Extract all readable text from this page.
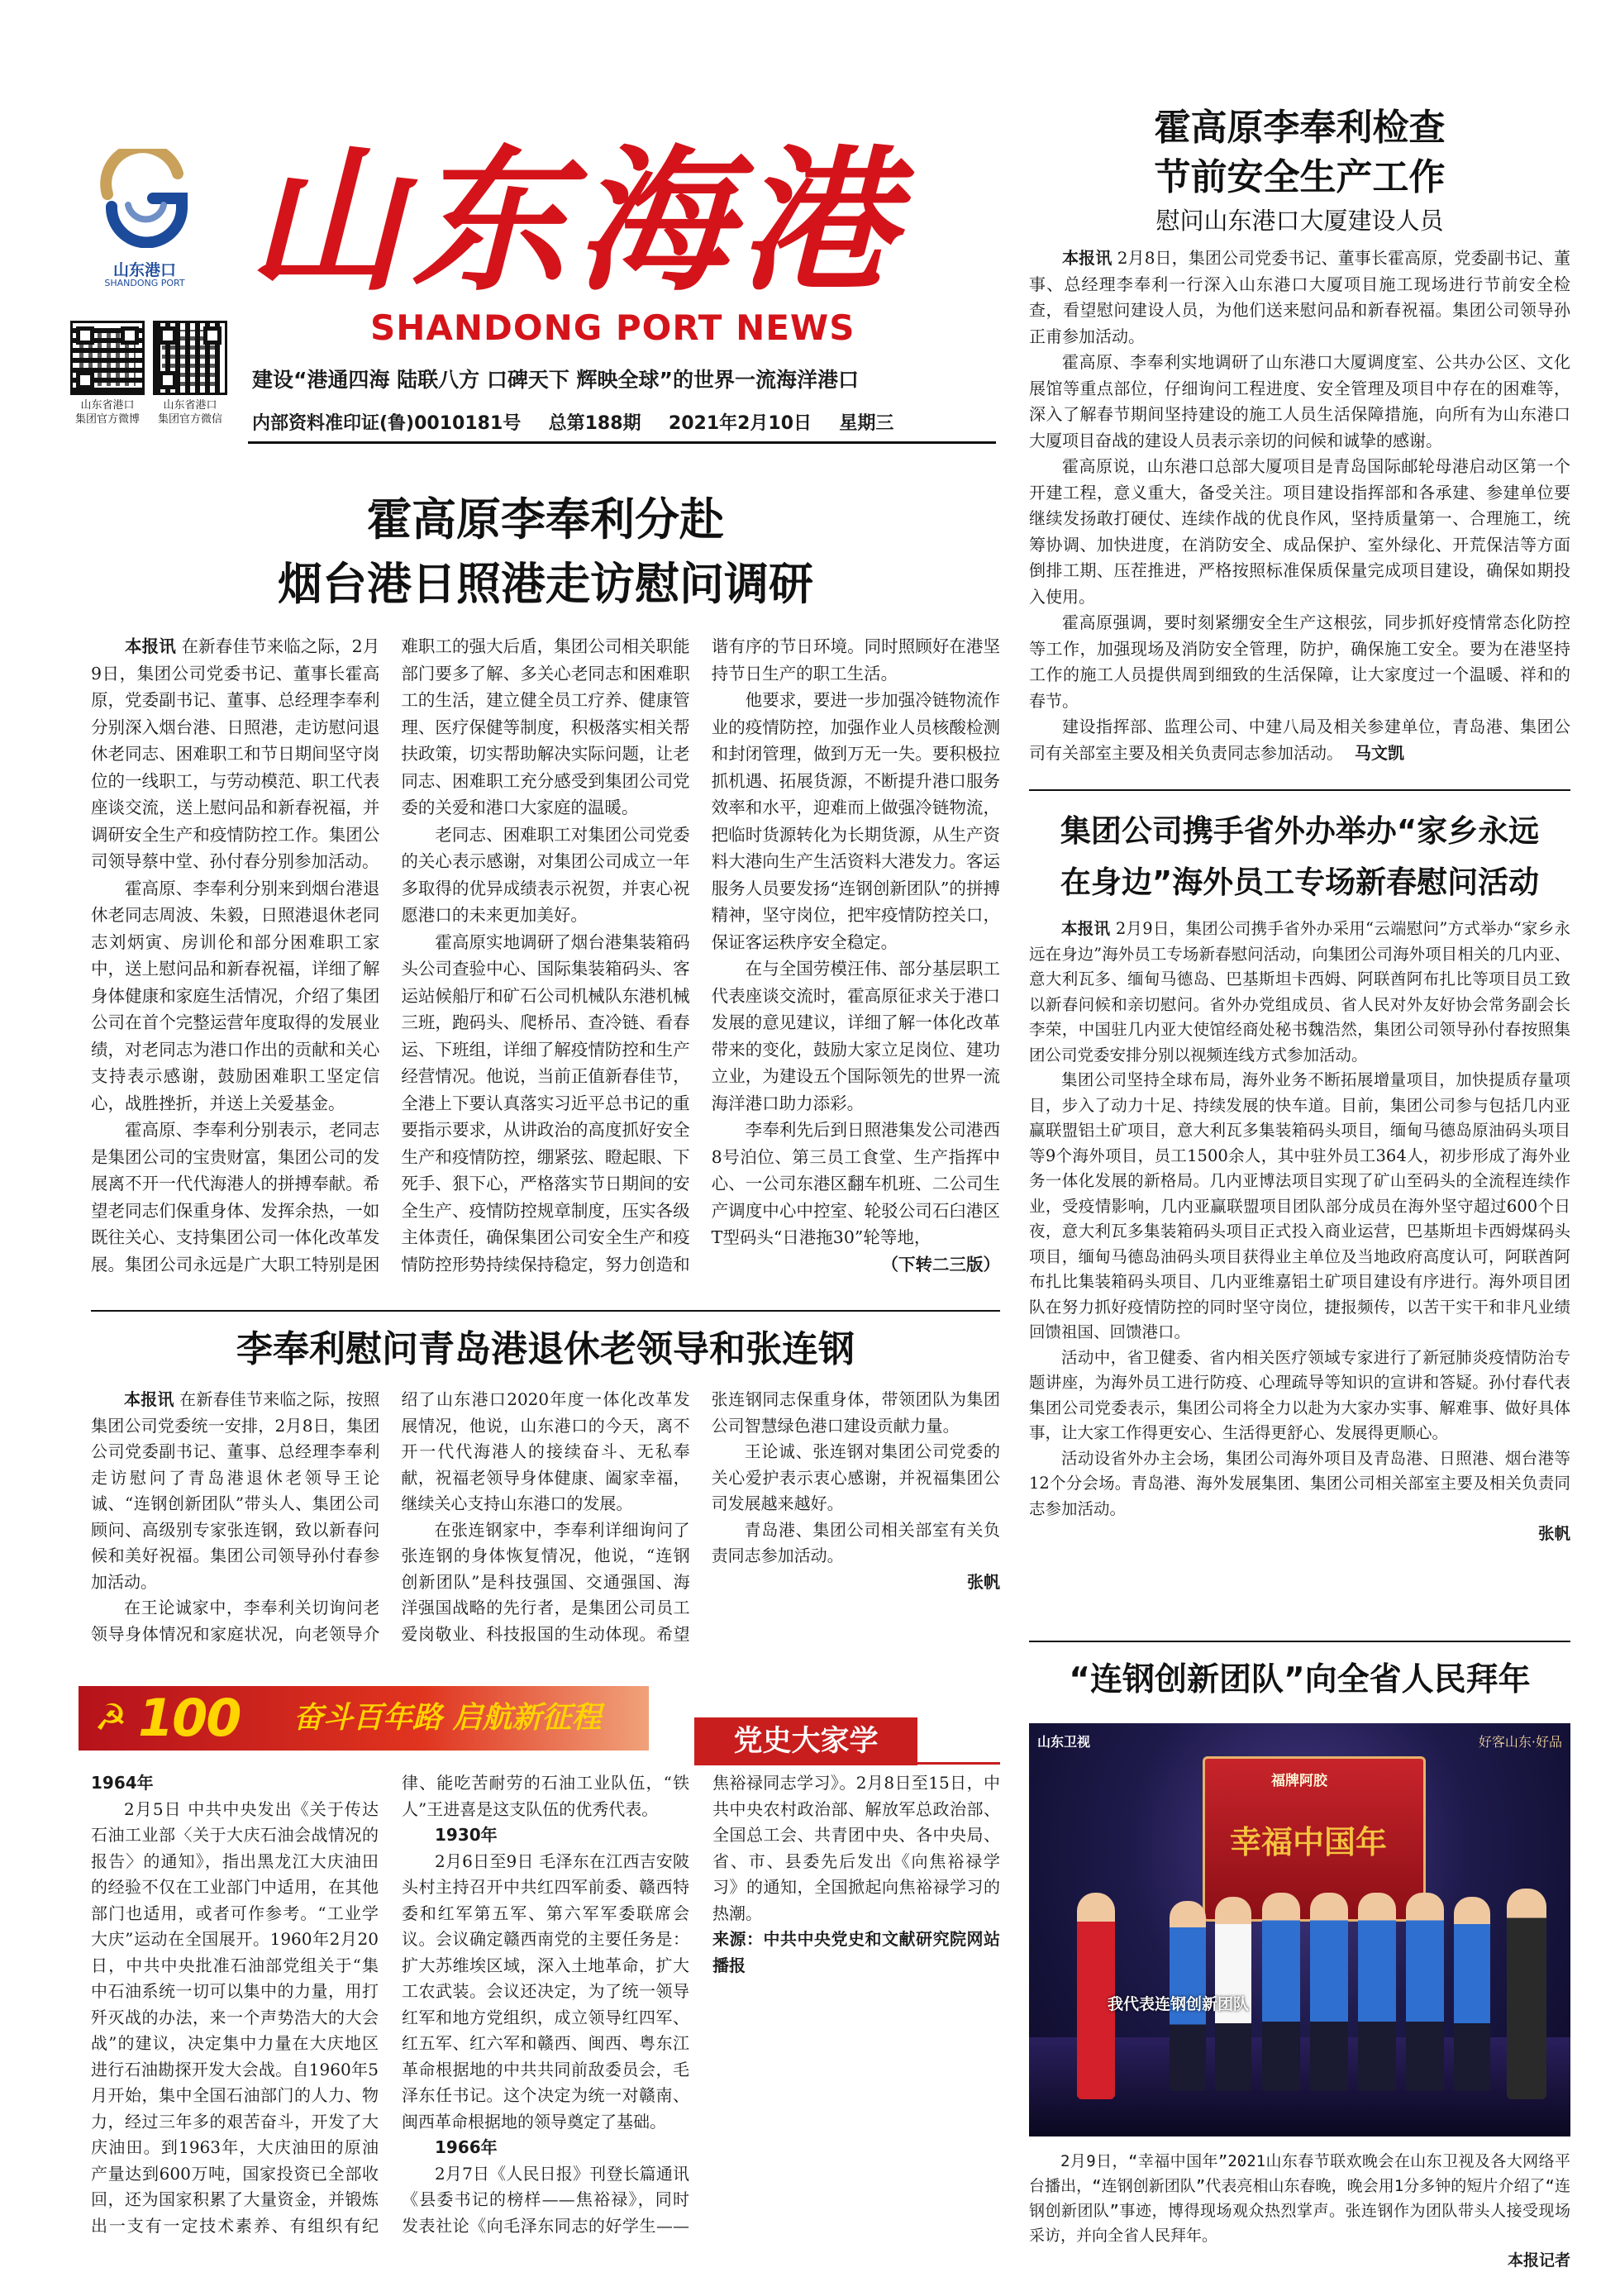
山东港口
SHANDONG PORT 山东海港
SHANDONG PORT NEWS
山东省港口
集团官方微博
山东省港口
集团官方微信
建设“港通四海 陆联八方 口碑天下 辉映全球”的世界一流海洋港口
内部资料准印证(鲁)0010181号 总第188期 2021年2月10日 星期三
霍高原李奉利检查
节前安全生产工作
慰问山东港口大厦建设人员

本报讯 2月8日，集团公司党委书记、董事长霍高原，党委副书记、董事、总经理李奉利一行深入山东港口大厦项目施工现场进行节前安全检查，看望慰问建设人员，为他们送来慰问品和新春祝福。集团公司领导孙正甫参加活动。

霍高原、李奉利实地调研了山东港口大厦调度室、公共办公区、文化展馆等重点部位，仔细询问工程进度、安全管理及项目中存在的困难等，深入了解春节期间坚持建设的施工人员生活保障措施，向所有为山东港口大厦项目奋战的建设人员表示亲切的问候和诚挚的感谢。

霍高原说，山东港口总部大厦项目是青岛国际邮轮母港启动区第一个开建工程，意义重大，备受关注。项目建设指挥部和各承建、参建单位要继续发扬敢打硬仗、连续作战的优良作风，坚持质量第一、合理施工，统筹协调、加快进度，在消防安全、成品保护、室外绿化、开荒保洁等方面倒排工期、压茬推进，严格按照标准保质保量完成项目建设，确保如期投入使用。

霍高原强调，要时刻紧绷安全生产这根弦，同步抓好疫情常态化防控等工作，加强现场及消防安全管理，防护，确保施工安全。要为在港坚持工作的施工人员提供周到细致的生活保障，让大家度过一个温暖、祥和的春节。

建设指挥部、监理公司、中建八局及相关参建单位，青岛港、集团公司有关部室主要及相关负责同志参加活动。 马文凯

霍高原李奉利分赴
烟台港日照港走访慰问调研

本报讯 在新春佳节来临之际，2月9日，集团公司党委书记、董事长霍高原，党委副书记、董事、总经理李奉利分别深入烟台港、日照港，走访慰问退休老同志、困难职工和节日期间坚守岗位的一线职工，与劳动模范、职工代表座谈交流，送上慰问品和新春祝福，并调研安全生产和疫情防控工作。集团公司领导蔡中堂、孙付春分别参加活动。

霍高原、李奉利分别来到烟台港退休老同志周波、朱毅，日照港退休老同志刘炳寅、房训伦和部分困难职工家中，送上慰问品和新春祝福，详细了解身体健康和家庭生活情况，介绍了集团公司在首个完整运营年度取得的发展业绩，对老同志为港口作出的贡献和关心支持表示感谢，鼓励困难职工坚定信心，战胜挫折，并送上关爱基金。

霍高原、李奉利分别表示，老同志是集团公司的宝贵财富，集团公司的发展离不开一代代海港人的拼搏奉献。希望老同志们保重身体、发挥余热，一如既往关心、支持集团公司一体化改革发展。集团公司永远是广大职工特别是困难职工的强大后盾，集团公司相关职能部门要多了解、多关心老同志和困难职工的生活，建立健全员工疗养、健康管理、医疗保健等制度，积极落实相关帮扶政策，切实帮助解决实际问题，让老同志、困难职工充分感受到集团公司党委的关爱和港口大家庭的温暖。

老同志、困难职工对集团公司党委的关心表示感谢，对集团公司成立一年多取得的优异成绩表示祝贺，并衷心祝愿港口的未来更加美好。

霍高原实地调研了烟台港集装箱码头公司查验中心、国际集装箱码头、客运站候船厅和矿石公司机械队东港机械三班，跑码头、爬桥吊、查冷链、看春运、下班组，详细了解疫情防控和生产经营情况。他说，当前正值新春佳节，全港上下要认真落实习近平总书记的重要指示要求，从讲政治的高度抓好安全生产和疫情防控，绷紧弦、瞪起眼、下死手、狠下心，严格落实节日期间的安全生产、疫情防控规章制度，压实各级主体责任，确保集团公司安全生产和疫情防控形势持续保持稳定，努力创造和谐有序的节日环境。同时照顾好在港坚持节日生产的职工生活。

他要求，要进一步加强冷链物流作业的疫情防控，加强作业人员核酸检测和封闭管理，做到万无一失。要积极拉抓机遇、拓展货源，不断提升港口服务效率和水平，迎难而上做强冷链物流，把临时货源转化为长期货源，从生产资料大港向生产生活资料大港发力。客运服务人员要发扬“连钢创新团队”的拼搏精神，坚守岗位，把牢疫情防控关口，保证客运秩序安全稳定。

在与全国劳模汪伟、部分基层职工代表座谈交流时，霍高原征求关于港口发展的意见建议，详细了解一体化改革带来的变化，鼓励大家立足岗位、建功立业，为建设五个国际领先的世界一流海洋港口助力添彩。

李奉利先后到日照港集发公司港西8号泊位、第三员工食堂、生产指挥中心、一公司东港区翻车机班、二公司生产调度中心中控室、轮驳公司石臼港区T型码头“日港拖30”轮等地，

（下转二三版）

李奉利慰问青岛港退休老领导和张连钢

本报讯 在新春佳节来临之际，按照集团公司党委统一安排，2月8日，集团公司党委副书记、董事、总经理李奉利走访慰问了青岛港退休老领导王论诚、“连钢创新团队”带头人、集团公司顾问、高级别专家张连钢，致以新春问候和美好祝福。集团公司领导孙付春参加活动。

在王论诚家中，李奉利关切询问老领导身体情况和家庭状况，向老领导介绍了山东港口2020年度一体化改革发展情况，他说，山东港口的今天，离不开一代代海港人的接续奋斗、无私奉献，祝福老领导身体健康、阖家幸福，继续关心支持山东港口的发展。

在张连钢家中，李奉利详细询问了张连钢的身体恢复情况，他说，“连钢创新团队”是科技强国、交通强国、海洋强国战略的先行者，是集团公司员工爱岗敬业、科技报国的生动体现。希望张连钢同志保重身体，带领团队为集团公司智慧绿色港口建设贡献力量。

王论诚、张连钢对集团公司党委的关心爱护表示衷心感谢，并祝福集团公司发展越来越好。

青岛港、集团公司相关部室有关负责同志参加活动。

张帆

集团公司携手省外办举办“家乡永远
在身边”海外员工专场新春慰问活动

本报讯 2月9日，集团公司携手省外办采用“云端慰问”方式举办“家乡永远在身边”海外员工专场新春慰问活动，向集团公司海外项目相关的几内亚、意大利瓦多、缅甸马德岛、巴基斯坦卡西姆、阿联酋阿布扎比等项目员工致以新春问候和亲切慰问。省外办党组成员、省人民对外友好协会常务副会长李荣，中国驻几内亚大使馆经商处秘书魏浩然，集团公司领导孙付春按照集团公司党委安排分别以视频连线方式参加活动。

集团公司坚持全球布局，海外业务不断拓展增量项目，加快提质存量项目，步入了动力十足、持续发展的快车道。目前，集团公司参与包括几内亚赢联盟铝土矿项目，意大利瓦多集装箱码头项目，缅甸马德岛原油码头项目等9个海外项目，员工1500余人，其中驻外员工364人，初步形成了海外业务一体化发展的新格局。几内亚博法项目实现了矿山至码头的全流程连续作业，受疫情影响，几内亚赢联盟项目团队部分成员在海外坚守超过600个日夜，意大利瓦多集装箱码头项目正式投入商业运营，巴基斯坦卡西姆煤码头项目，缅甸马德岛油码头项目获得业主单位及当地政府高度认可，阿联酋阿布扎比集装箱码头项目、几内亚维嘉铝土矿项目建设有序进行。海外项目团队在努力抓好疫情防控的同时坚守岗位，捷报频传，以苦干实干和非凡业绩回馈祖国、回馈港口。

活动中，省卫健委、省内相关医疗领域专家进行了新冠肺炎疫情防治专题讲座，为海外员工进行防疫、心理疏导等知识的宣讲和答疑。孙付春代表集团公司党委表示，集团公司将全力以赴为大家办实事、解难事、做好具体事，让大家工作得更安心、生活得更舒心、发展得更顺心。

活动设省外办主会场，集团公司海外项目及青岛港、日照港、烟台港等12个分会场。青岛港、海外发展集团、集团公司相关部室主要及相关负责同志参加活动。

张帆

☭ 100 奋斗百年路 启航新征程
党史大家学

1964年

2月5日 中共中央发出《关于传达石油工业部〈关于大庆石油会战情况的报告〉的通知》，指出黑龙江大庆油田的经验不仅在工业部门中适用，在其他部门也适用，或者可作参考。“工业学大庆”运动在全国展开。1960年2月20日，中共中央批准石油部党组关于“集中石油系统一切可以集中的力量，用打歼灭战的办法，来一个声势浩大的大会战”的建议，决定集中力量在大庆地区进行石油勘探开发大会战。自1960年5月开始，集中全国石油部门的人力、物力，经过三年多的艰苦奋斗，开发了大庆油田。到1963年，大庆油田的原油产量达到600万吨，国家投资已全部收回，还为国家积累了大量资金，并锻炼出一支有一定技术素养、有组织有纪律、能吃苦耐劳的石油工业队伍，“铁人”王进喜是这支队伍的优秀代表。

1930年

2月6日至9日 毛泽东在江西吉安陂头村主持召开中共红四军前委、赣西特委和红军第五军、第六军军委联席会议。会议确定赣西南党的主要任务是：扩大苏维埃区域，深入土地革命，扩大工农武装。会议还决定，为了统一领导红军和地方党组织，成立领导红四军、红五军、红六军和赣西、闽西、粤东江革命根据地的中共共同前敌委员会，毛泽东任书记。这个决定为统一对赣南、闽西革命根据地的领导奠定了基础。

1966年

2月7日《人民日报》刊登长篇通讯《县委书记的榜样——焦裕禄》，同时发表社论《向毛泽东同志的好学生——焦裕禄同志学习》。2月8日至15日，中共中央农村政治部、解放军总政治部、全国总工会、共青团中央、各中央局、省、市、县委先后发出《向焦裕禄学习》的通知，全国掀起向焦裕禄学习的热潮。

来源：中共中央党史和文献研究院网站播报

“连钢创新团队”向全省人民拜年
山东卫视	好客山东·好品
福牌阿胶
幸福中国年
我代表连钢创新团队

2月9日，“幸福中国年”2021山东春节联欢晚会在山东卫视及各大网络平台播出，“连钢创新团队”代表亮相山东春晚，晚会用1分多钟的短片介绍了“连钢创新团队”事迹，博得现场观众热烈掌声。张连钢作为团队带头人接受现场采访，并向全省人民拜年。

本报记者
